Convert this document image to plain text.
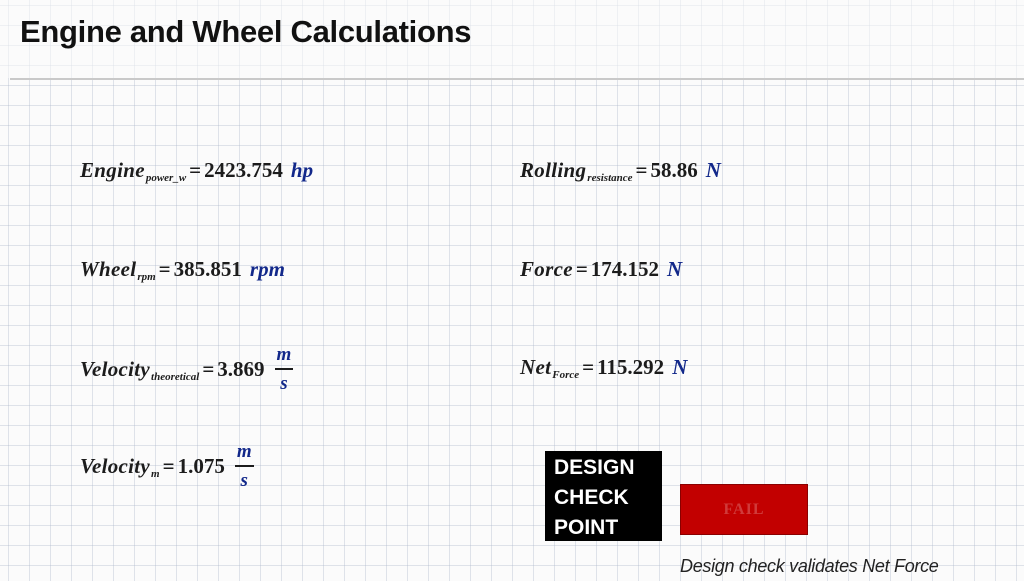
Engine and Wheel Calculations
Engine power_w = 2423.754 hp
Wheel rpm = 385.851 rpm
Velocity theoretical = $3.869 \frac{m}{s}$
Velocity $m = 1.075 \frac{m}{s}$
Rolling resistance = 58.86 N
Force = 174.152 N
Net Force = 115.292 N
DESIGN
CHECK
POINT
FAIL
Design check validates Net Force
